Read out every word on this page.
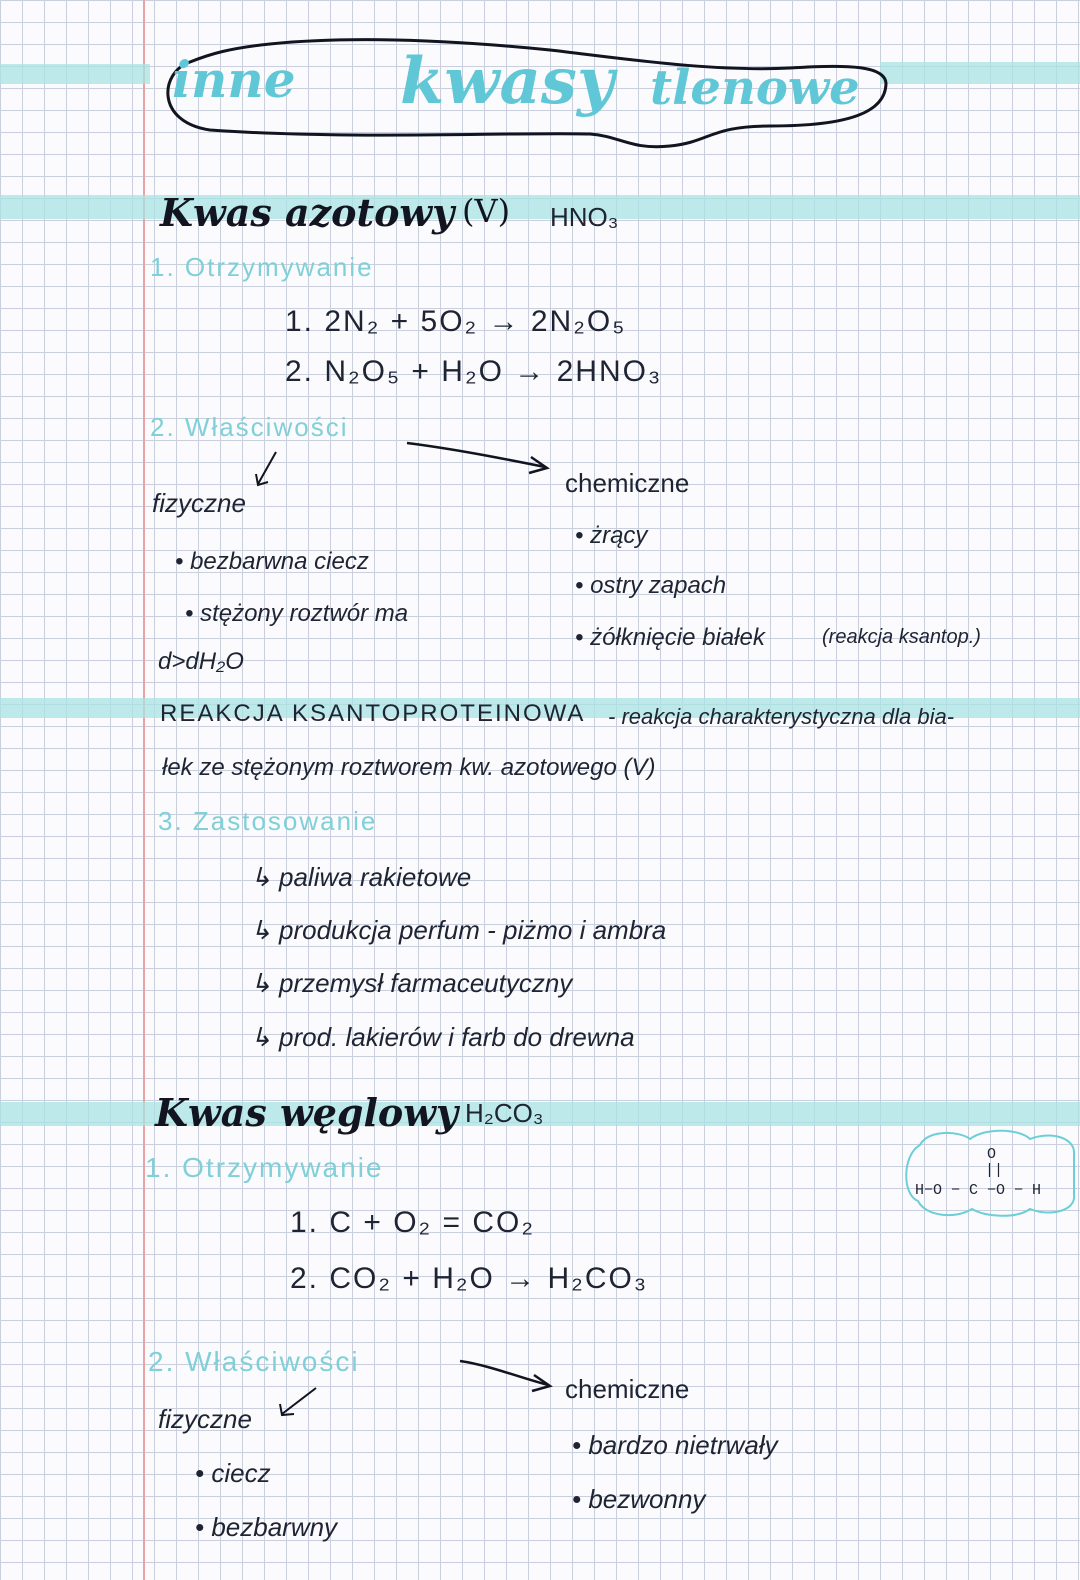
inne kwasy tlenowe
Kwas azotowy (V) HNO₃
1. Otrzymywanie
1. 2N₂ + 5O₂ → 2N₂O₅
2. N₂O₅ + H₂O → 2HNO₃
2. Właściwości
fizyczne
• bezbarwna ciecz
• stężony roztwór ma
d>dH₂O
chemiczne
• żrący
• ostry zapach
• żółknięcie białek	(reakcja ksantop.)
REAKCJA KSANTOPROTEINOWA - reakcja charakterystyczna dla bia-
łek ze stężonym roztworem kw. azotowego (V)
3. Zastosowanie
↳ paliwa rakietowe
↳ produkcja perfum - piżmo i ambra
↳ przemysł farmaceutyczny
↳ prod. lakierów i farb do drewna
Kwas węglowy H₂CO₃
O
||
H−O − C −O − H
1. Otrzymywanie
1. C + O₂ = CO₂
2. CO₂ + H₂O → H₂CO₃
2. Właściwości
fizyczne
• ciecz
• bezbarwny
chemiczne
• bardzo nietrwały
• bezwonny
